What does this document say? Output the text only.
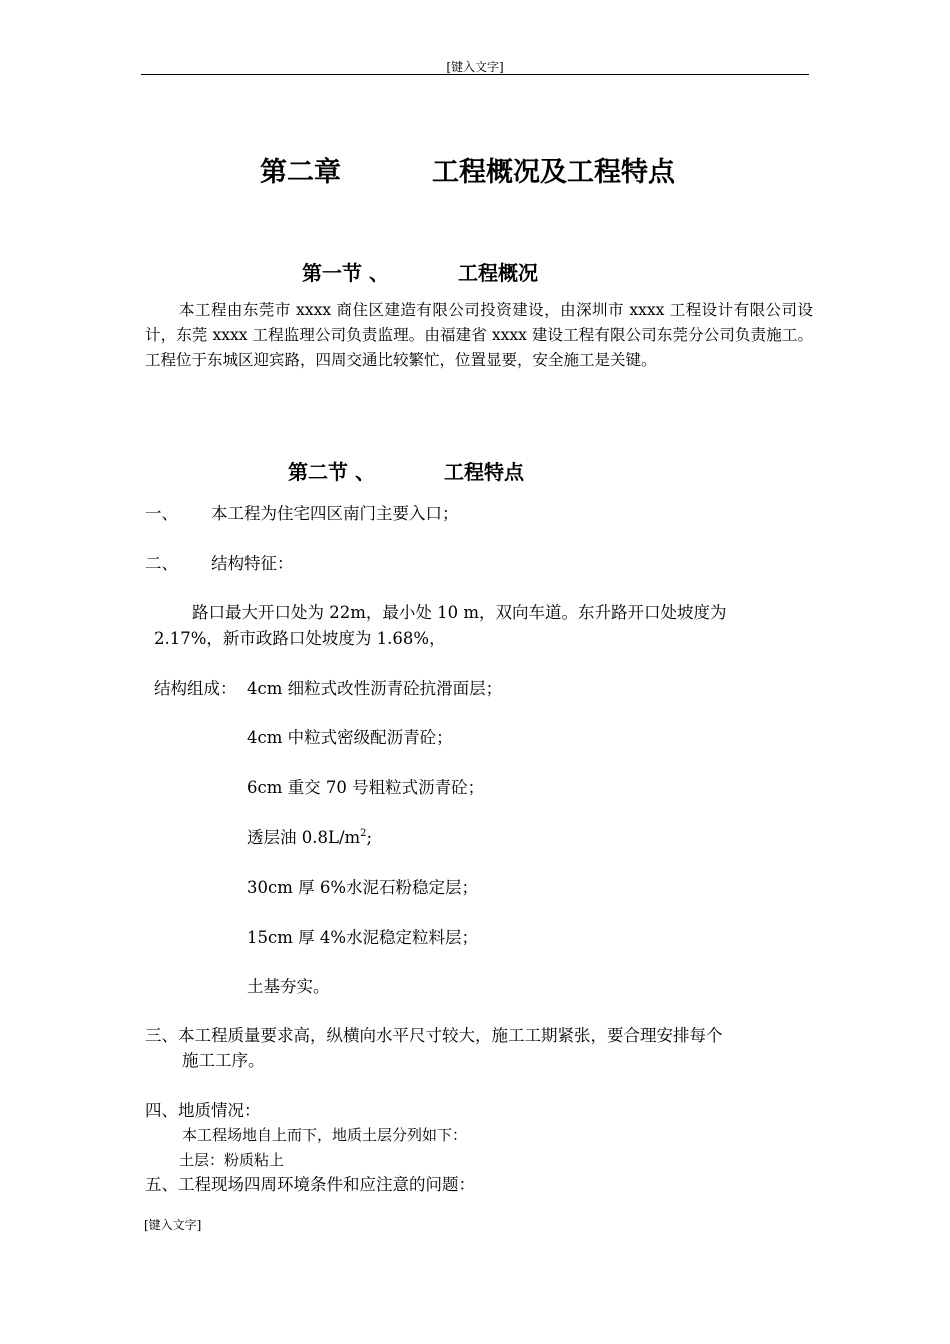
[键入文字]
第二章	工程概况及工程特点
第一节 、	工程概况
本工程由东莞市 xxxx 商住区建造有限公司投资建设，由深圳市 xxxx 工程设计有限公司设计，东莞 xxxx 工程监理公司负责监理。由福建省 xxxx 建设工程有限公司东莞分公司负责施工。工程位于东城区迎宾路，四周交通比较繁忙，位置显要，安全施工是关键。
第二节 、	工程特点
一、 本工程为住宅四区南门主要入口；
二、 结构特征：
路口最大开口处为 22m，最小处 10 m，双向车道。东升路开口处坡度为
2.17%，新市政路口处坡度为 1.68%，
结构组成： 4cm 细粒式改性沥青砼抗滑面层；
4cm 中粒式密级配沥青砼；
6cm 重交 70 号粗粒式沥青砼；
透层油 $0.8L/m^2$;
30cm 厚 6%水泥石粉稳定层；
15cm 厚 4%水泥稳定粒料层；
土基夯实。
三、本工程质量要求高，纵横向水平尺寸较大，施工工期紧张，要合理安排每个
施工工序。
四、地质情况：
本工程场地自上而下，地质土层分列如下：
土层：粉质粘上
五、工程现场四周环境条件和应注意的问题：
[键入文字]
